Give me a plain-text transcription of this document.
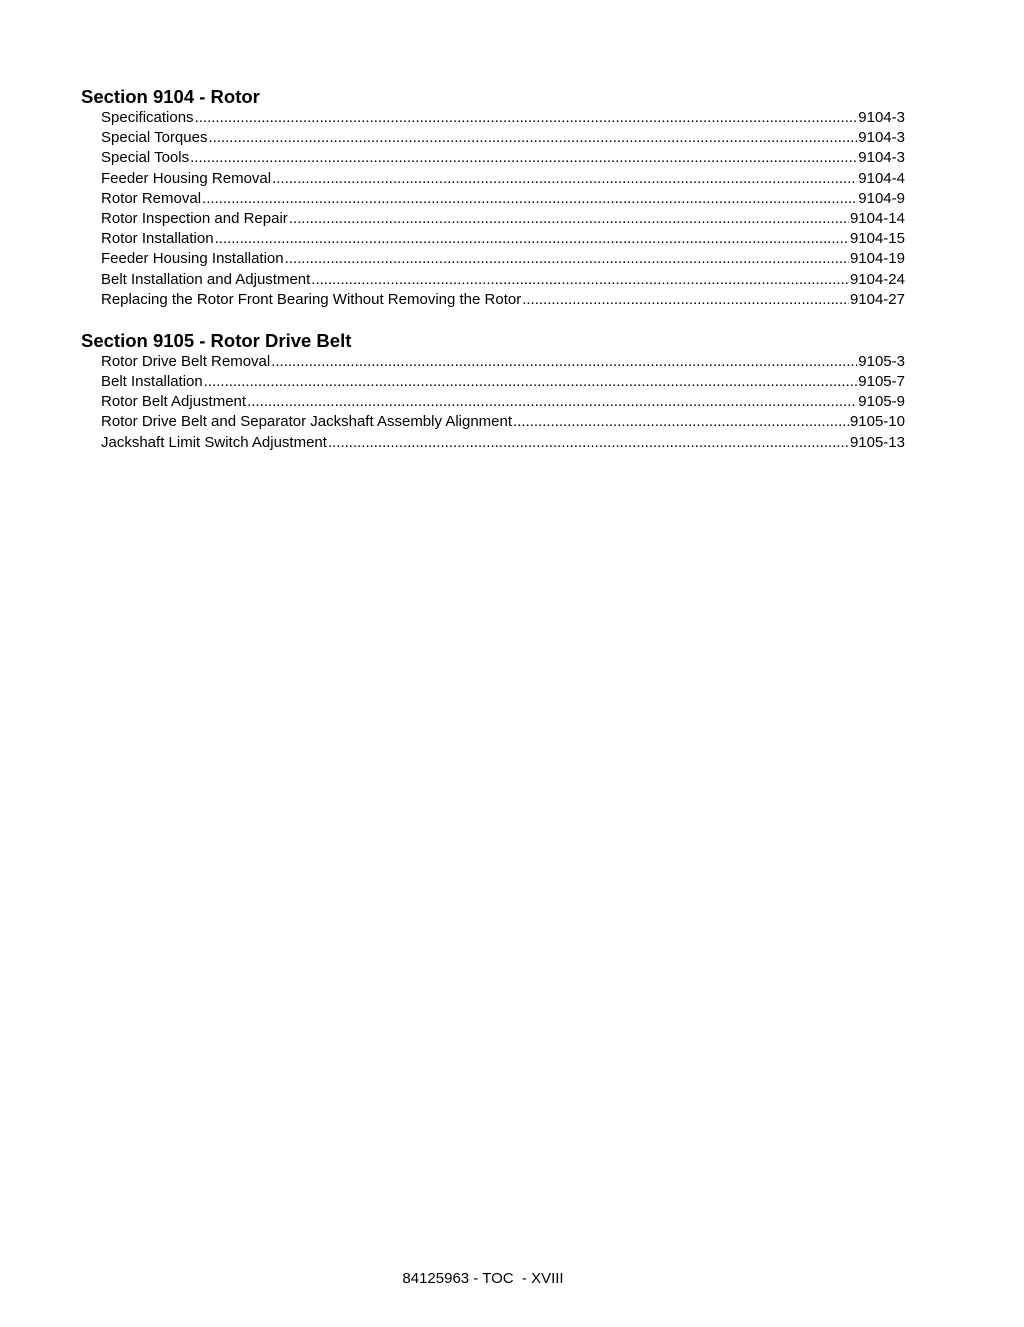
Section 9104 - Rotor
Specifications .....	9104-3
Special Torques .....	9104-3
Special Tools .....	9104-3
Feeder Housing Removal .....	9104-4
Rotor Removal .....	9104-9
Rotor Inspection and Repair .....	9104-14
Rotor Installation .....	9104-15
Feeder Housing Installation .....	9104-19
Belt Installation and Adjustment .....	9104-24
Replacing the Rotor Front Bearing Without Removing the Rotor .....	9104-27
Section 9105 - Rotor Drive Belt
Rotor Drive Belt Removal .....	9105-3
Belt Installation .....	9105-7
Rotor Belt Adjustment .....	9105-9
Rotor Drive Belt and Separator Jackshaft Assembly Alignment .....	9105-10
Jackshaft Limit Switch Adjustment .....	9105-13
84125963 - TOC  - XVIII
